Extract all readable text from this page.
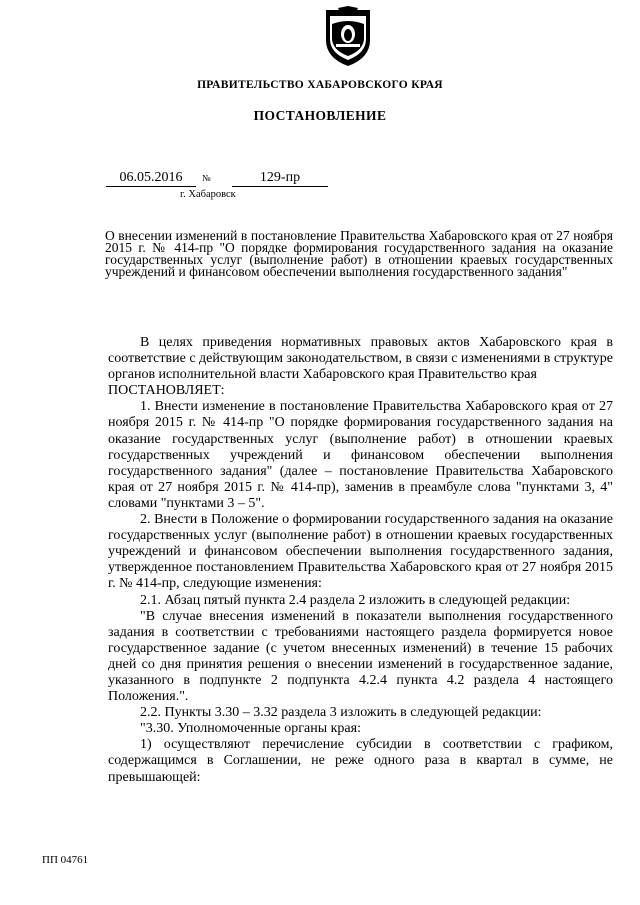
ПРАВИТЕЛЬСТВО ХАБАРОВСКОГО КРАЯ
ПОСТАНОВЛЕНИЕ
06.05.2016	№	129-пр
г. Хабаровск
О внесении изменений в постановление Правительства Хабаровского края от 27 ноября 2015 г. № 414-пр "О порядке формирования государственного задания на оказание государственных услуг (выполнение работ) в отношении краевых государственных учреждений и финансовом обеспечении выполнения государственного задания"

В целях приведения нормативных правовых актов Хабаровского края в соответствие с действующим законодательством, в связи с изменениями в структуре органов исполнительной власти Хабаровского края Правительство края

ПОСТАНОВЛЯЕТ:

1. Внести изменение в постановление Правительства Хабаровского края от 27 ноября 2015 г. № 414-пр "О порядке формирования государственного задания на оказание государственных услуг (выполнение работ) в отношении краевых государственных учреждений и финансовом обеспечении выполнения государственного задания" (далее – постановление Правительства Хабаровского края от 27 ноября 2015 г. № 414-пр), заменив в преамбуле слова "пунктами 3, 4" словами "пунктами 3 – 5".

2. Внести в Положение о формировании государственного задания на оказание государственных услуг (выполнение работ) в отношении краевых государственных учреждений и финансовом обеспечении выполнения государственного задания, утвержденное постановлением Правительства Хабаровского края от 27 ноября 2015 г. № 414-пр, следующие изменения:

2.1. Абзац пятый пункта 2.4 раздела 2 изложить в следующей редакции:

"В случае внесения изменений в показатели выполнения государственного задания в соответствии с требованиями настоящего раздела формируется новое государственное задание (с учетом внесенных изменений) в течение 15 рабочих дней со дня принятия решения о внесении изменений в государственное задание, указанного в подпункте 2 подпункта 4.2.4 пункта 4.2 раздела 4 настоящего Положения.".

2.2. Пункты 3.30 – 3.32 раздела 3 изложить в следующей редакции:

"3.30. Уполномоченные органы края:

1) осуществляют перечисление субсидии в соответствии с графиком, содержащимся в Соглашении, не реже одного раза в квартал в сумме, не превышающей:

ПП 04761
